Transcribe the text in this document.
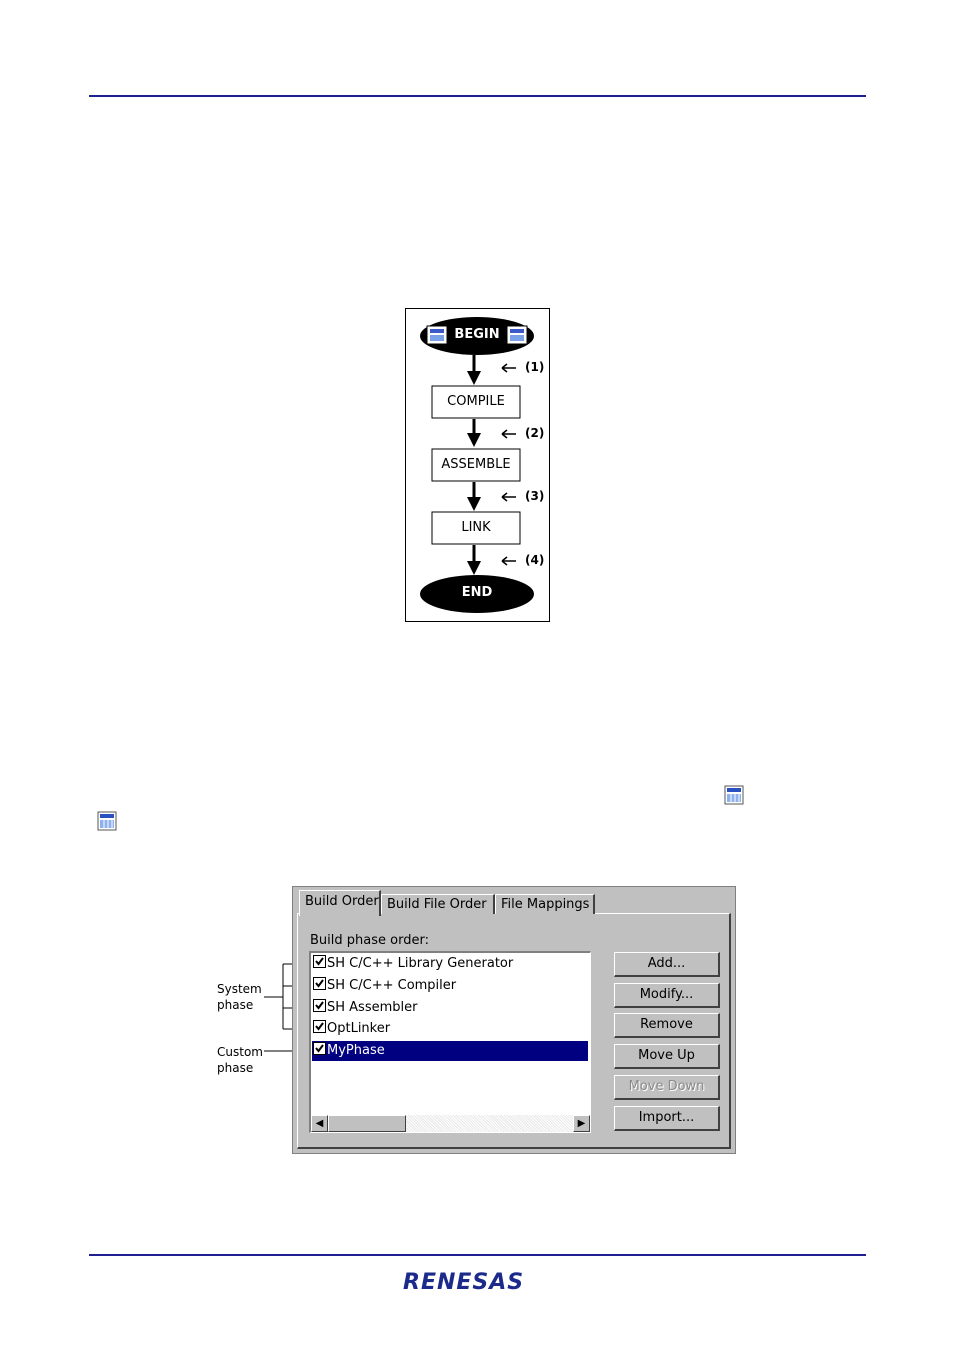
BEGIN
COMPILE
ASSEMBLE
LINK
END
(1)
(2)
(3)
(4)
System
phase
Custom
phase
Build Order Build File Order	File Mappings
Build phase order:
SH C/C++ Library Generator
SH C/C++ Compiler
SH Assembler
OptLinker
MyPhase
◀	▶
Add...
Modify...
Remove
Move Up
Move Down
Import...
RENESAS
